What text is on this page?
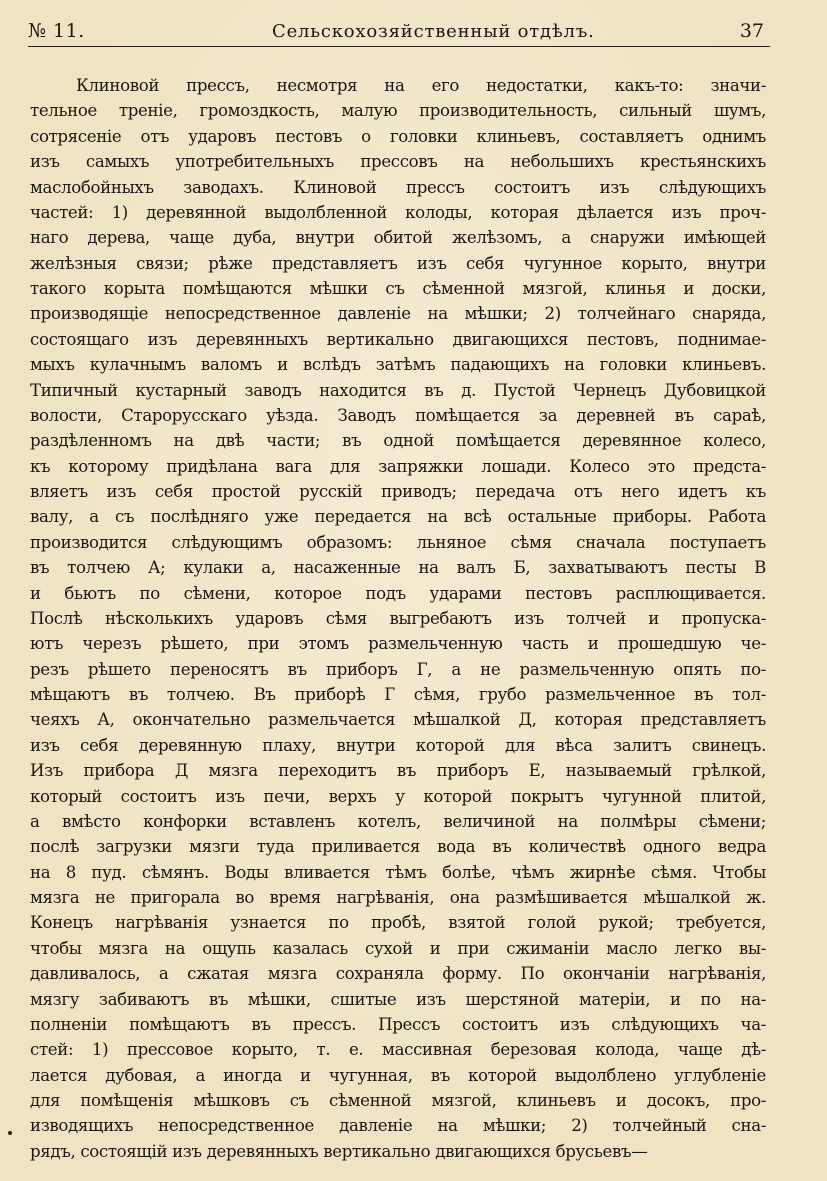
№ 11.	Сельскохозяйственный отдѣлъ.	37
Клиновой прессъ, несмотря на его недостатки, какъ-то: значи-
тельное треніе, громоздкость, малую производительность, сильный шумъ,
сотрясеніе отъ ударовъ пестовъ о головки клиньевъ, составляетъ однимъ
изъ самыхъ употребительныхъ прессовъ на небольшихъ крестьянскихъ
маслобойныхъ заводахъ. Клиновой прессъ состоитъ изъ слѣдующихъ
частей: 1) деревянной выдолбленной колоды, которая дѣлается изъ проч-
наго дерева, чаще дуба, внутри обитой желѣзомъ, а снаружи имѣющей
желѣзныя связи; рѣже представляетъ изъ себя чугунное корыто, внутри
такого корыта помѣщаются мѣшки съ сѣменной мязгой, клинья и доски,
производящіе непосредственное давленіе на мѣшки; 2) толчейнаго снаряда,
состоящаго изъ деревянныхъ вертикально двигающихся пестовъ, поднимае-
мыхъ кулачнымъ валомъ и вслѣдъ затѣмъ падающихъ на головки клиньевъ.
Типичный кустарный заводъ находится въ д. Пустой Чернецъ Дубовицкой
волости, Старорусскаго уѣзда. Заводъ помѣщается за деревней въ сараѣ,
раздѣленномъ на двѣ части; въ одной помѣщается деревянное колесо,
къ которому придѣлана вага для запряжки лошади. Колесо это предста-
вляетъ изъ себя простой русскій приводъ; передача отъ него идетъ къ
валу, а съ послѣдняго уже передается на всѣ остальные приборы. Работа
производится слѣдующимъ образомъ: льняное сѣмя сначала поступаетъ
въ толчею А; кулаки а, насаженные на валъ Б, захватываютъ песты В
и бьютъ по сѣмени, которое подъ ударами пестовъ расплющивается.
Послѣ нѣсколькихъ ударовъ сѣмя выгребаютъ изъ толчей и пропуска-
ютъ черезъ рѣшето, при этомъ размельченную часть и прошедшую че-
резъ рѣшето переносятъ въ приборъ Г, а не размельченную опять по-
мѣщаютъ въ толчею. Въ приборѣ Г сѣмя, грубо размельченное въ тол-
чеяхъ А, окончательно размельчается мѣшалкой Д, которая представляетъ
изъ себя деревянную плаху, внутри которой для вѣса залитъ свинецъ.
Изъ прибора Д мязга переходитъ въ приборъ Е, называемый грѣлкой,
который состоитъ изъ печи, верхъ у которой покрытъ чугунной плитой,
а вмѣсто конфорки вставленъ котелъ, величиной на полмѣры сѣмени;
послѣ загрузки мязги туда приливается вода въ количествѣ одного ведра
на 8 пуд. сѣмянъ. Воды вливается тѣмъ болѣе, чѣмъ жирнѣе сѣмя. Чтобы
мязга не пригорала во время нагрѣванія, она размѣшивается мѣшалкой ж.
Конецъ нагрѣванія узнается по пробѣ, взятой голой рукой; требуется,
чтобы мязга на ощупь казалась сухой и при сжиманіи масло легко вы-
давливалось, а сжатая мязга сохраняла форму. По окончаніи нагрѣванія,
мязгу забиваютъ въ мѣшки, сшитые изъ шерстяной матеріи, и по на-
полненіи помѣщаютъ въ прессъ. Прессъ состоитъ изъ слѣдующихъ ча-
стей: 1) прессовое корыто, т. е. массивная березовая колода, чаще дѣ-
лается дубовая, а иногда и чугунная, въ которой выдолблено углубленіе
для помѣщенія мѣшковъ съ сѣменной мязгой, клиньевъ и досокъ, про-
изводящихъ непосредственное давленіе на мѣшки; 2) толчейный сна-
рядъ, состоящій изъ деревянныхъ вертикально двигающихся брусьевъ—
